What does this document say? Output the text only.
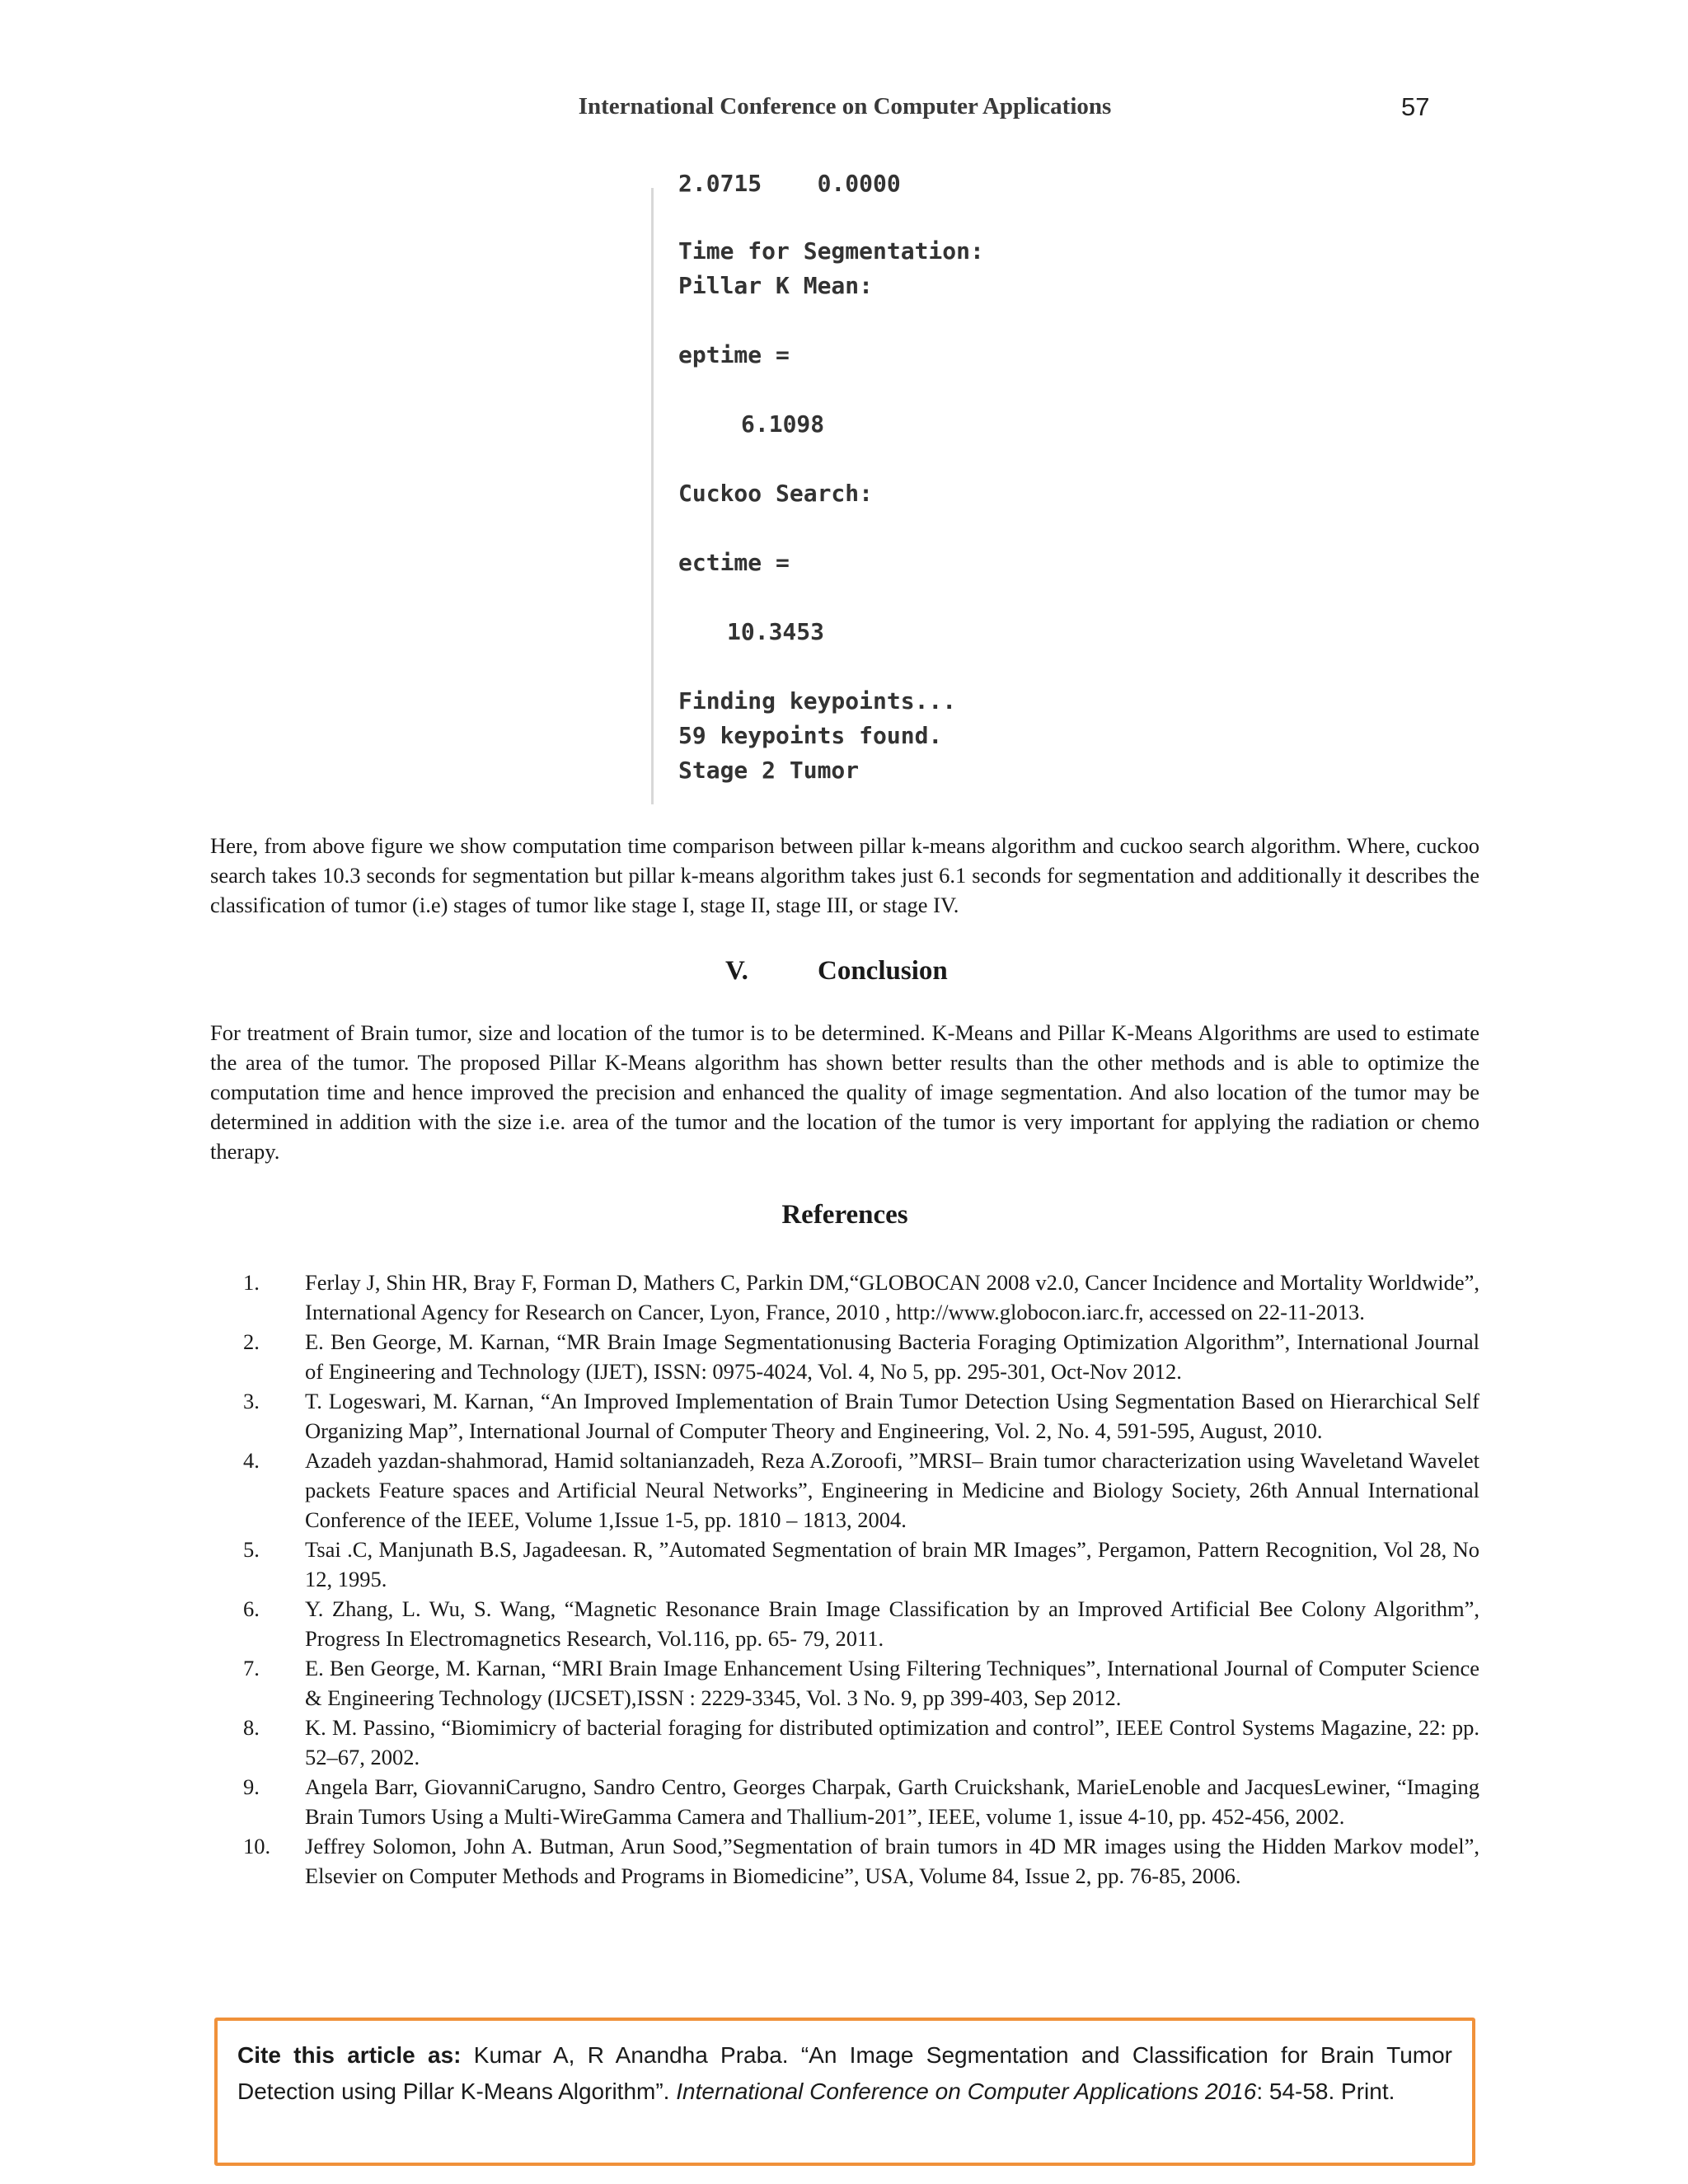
International Conference on Computer Applications	57
2.0715    0.0000
Time for Segmentation:
Pillar K Mean:
eptime =
6.1098
Cuckoo Search:
ectime =
10.3453
Finding keypoints...
59 keypoints found.
Stage 2 Tumor

Here, from above figure we show computation time comparison between pillar k-means algorithm and cuckoo search algorithm. Where, cuckoo search takes 10.3 seconds for segmentation but pillar k-means algorithm takes just 6.1 seconds for segmentation and additionally it describes the classification of tumor (i.e) stages of tumor like stage I, stage II, stage III, or stage IV.

V.	Conclusion

For treatment of Brain tumor, size and location of the tumor is to be determined. K-Means and Pillar K-Means Algorithms are used to estimate the area of the tumor. The proposed Pillar K-Means algorithm has shown better results than the other methods and is able to optimize the computation time and hence improved the precision and enhanced the quality of image segmentation. And also location of the tumor may be determined in addition with the size i.e. area of the tumor and the location of the tumor is very important for applying the radiation or chemo therapy.

References
1.	Ferlay J, Shin HR, Bray F, Forman D, Mathers C, Parkin DM,“GLOBOCAN 2008 v2.0, Cancer Incidence and Mortality Worldwide”, International Agency for Research on Cancer, Lyon, France, 2010 , http://www.globocon.iarc.fr, accessed on 22-11-2013.
2.	E. Ben George, M. Karnan, “MR Brain Image Segmentationusing Bacteria Foraging Optimization Algorithm”, International Journal of Engineering and Technology (IJET), ISSN: 0975-4024, Vol. 4, No 5, pp. 295-301, Oct-Nov 2012.
3.	T. Logeswari, M. Karnan, “An Improved Implementation of Brain Tumor Detection Using Segmentation Based on Hierarchical Self Organizing Map”, International Journal of Computer Theory and Engineering, Vol. 2, No. 4, 591-595, August, 2010.
4.	Azadeh yazdan-shahmorad, Hamid soltanianzadeh, Reza A.Zoroofi, ”MRSI– Brain tumor characterization using Waveletand Wavelet packets Feature spaces and Artificial Neural Networks”, Engineering in Medicine and Biology Society, 26th Annual International Conference of the IEEE, Volume 1,Issue 1-5, pp. 1810 – 1813, 2004.
5.	Tsai .C, Manjunath B.S, Jagadeesan. R, ”Automated Segmentation of brain MR Images”, Pergamon, Pattern Recognition, Vol 28, No 12, 1995.
6.	Y. Zhang, L. Wu, S. Wang, “Magnetic Resonance Brain Image Classification by an Improved Artificial Bee Colony Algorithm”, Progress In Electromagnetics Research, Vol.116, pp. 65- 79, 2011.
7.	E. Ben George, M. Karnan, “MRI Brain Image Enhancement Using Filtering Techniques”, International Journal of Computer Science & Engineering Technology (IJCSET),ISSN : 2229-3345, Vol. 3 No. 9, pp 399-403, Sep 2012.
8.	K. M. Passino, “Biomimicry of bacterial foraging for distributed optimization and control”, IEEE Control Systems Magazine, 22: pp. 52–67, 2002.
9.	Angela Barr, GiovanniCarugno, Sandro Centro, Georges Charpak, Garth Cruickshank, MarieLenoble and JacquesLewiner, “Imaging Brain Tumors Using a Multi-WireGamma Camera and Thallium-201”, IEEE, volume 1, issue 4-10, pp. 452-456, 2002.
10.	Jeffrey Solomon, John A. Butman, Arun Sood,”Segmentation of brain tumors in 4D MR images using the Hidden Markov model”, Elsevier on Computer Methods and Programs in Biomedicine”, USA, Volume 84, Issue 2, pp. 76-85, 2006.
Cite this article as: Kumar A, R Anandha Praba. “An Image Segmentation and Classification for Brain Tumor Detection using Pillar K-Means Algorithm”. International Conference on Computer Applications 2016: 54-58. Print.
